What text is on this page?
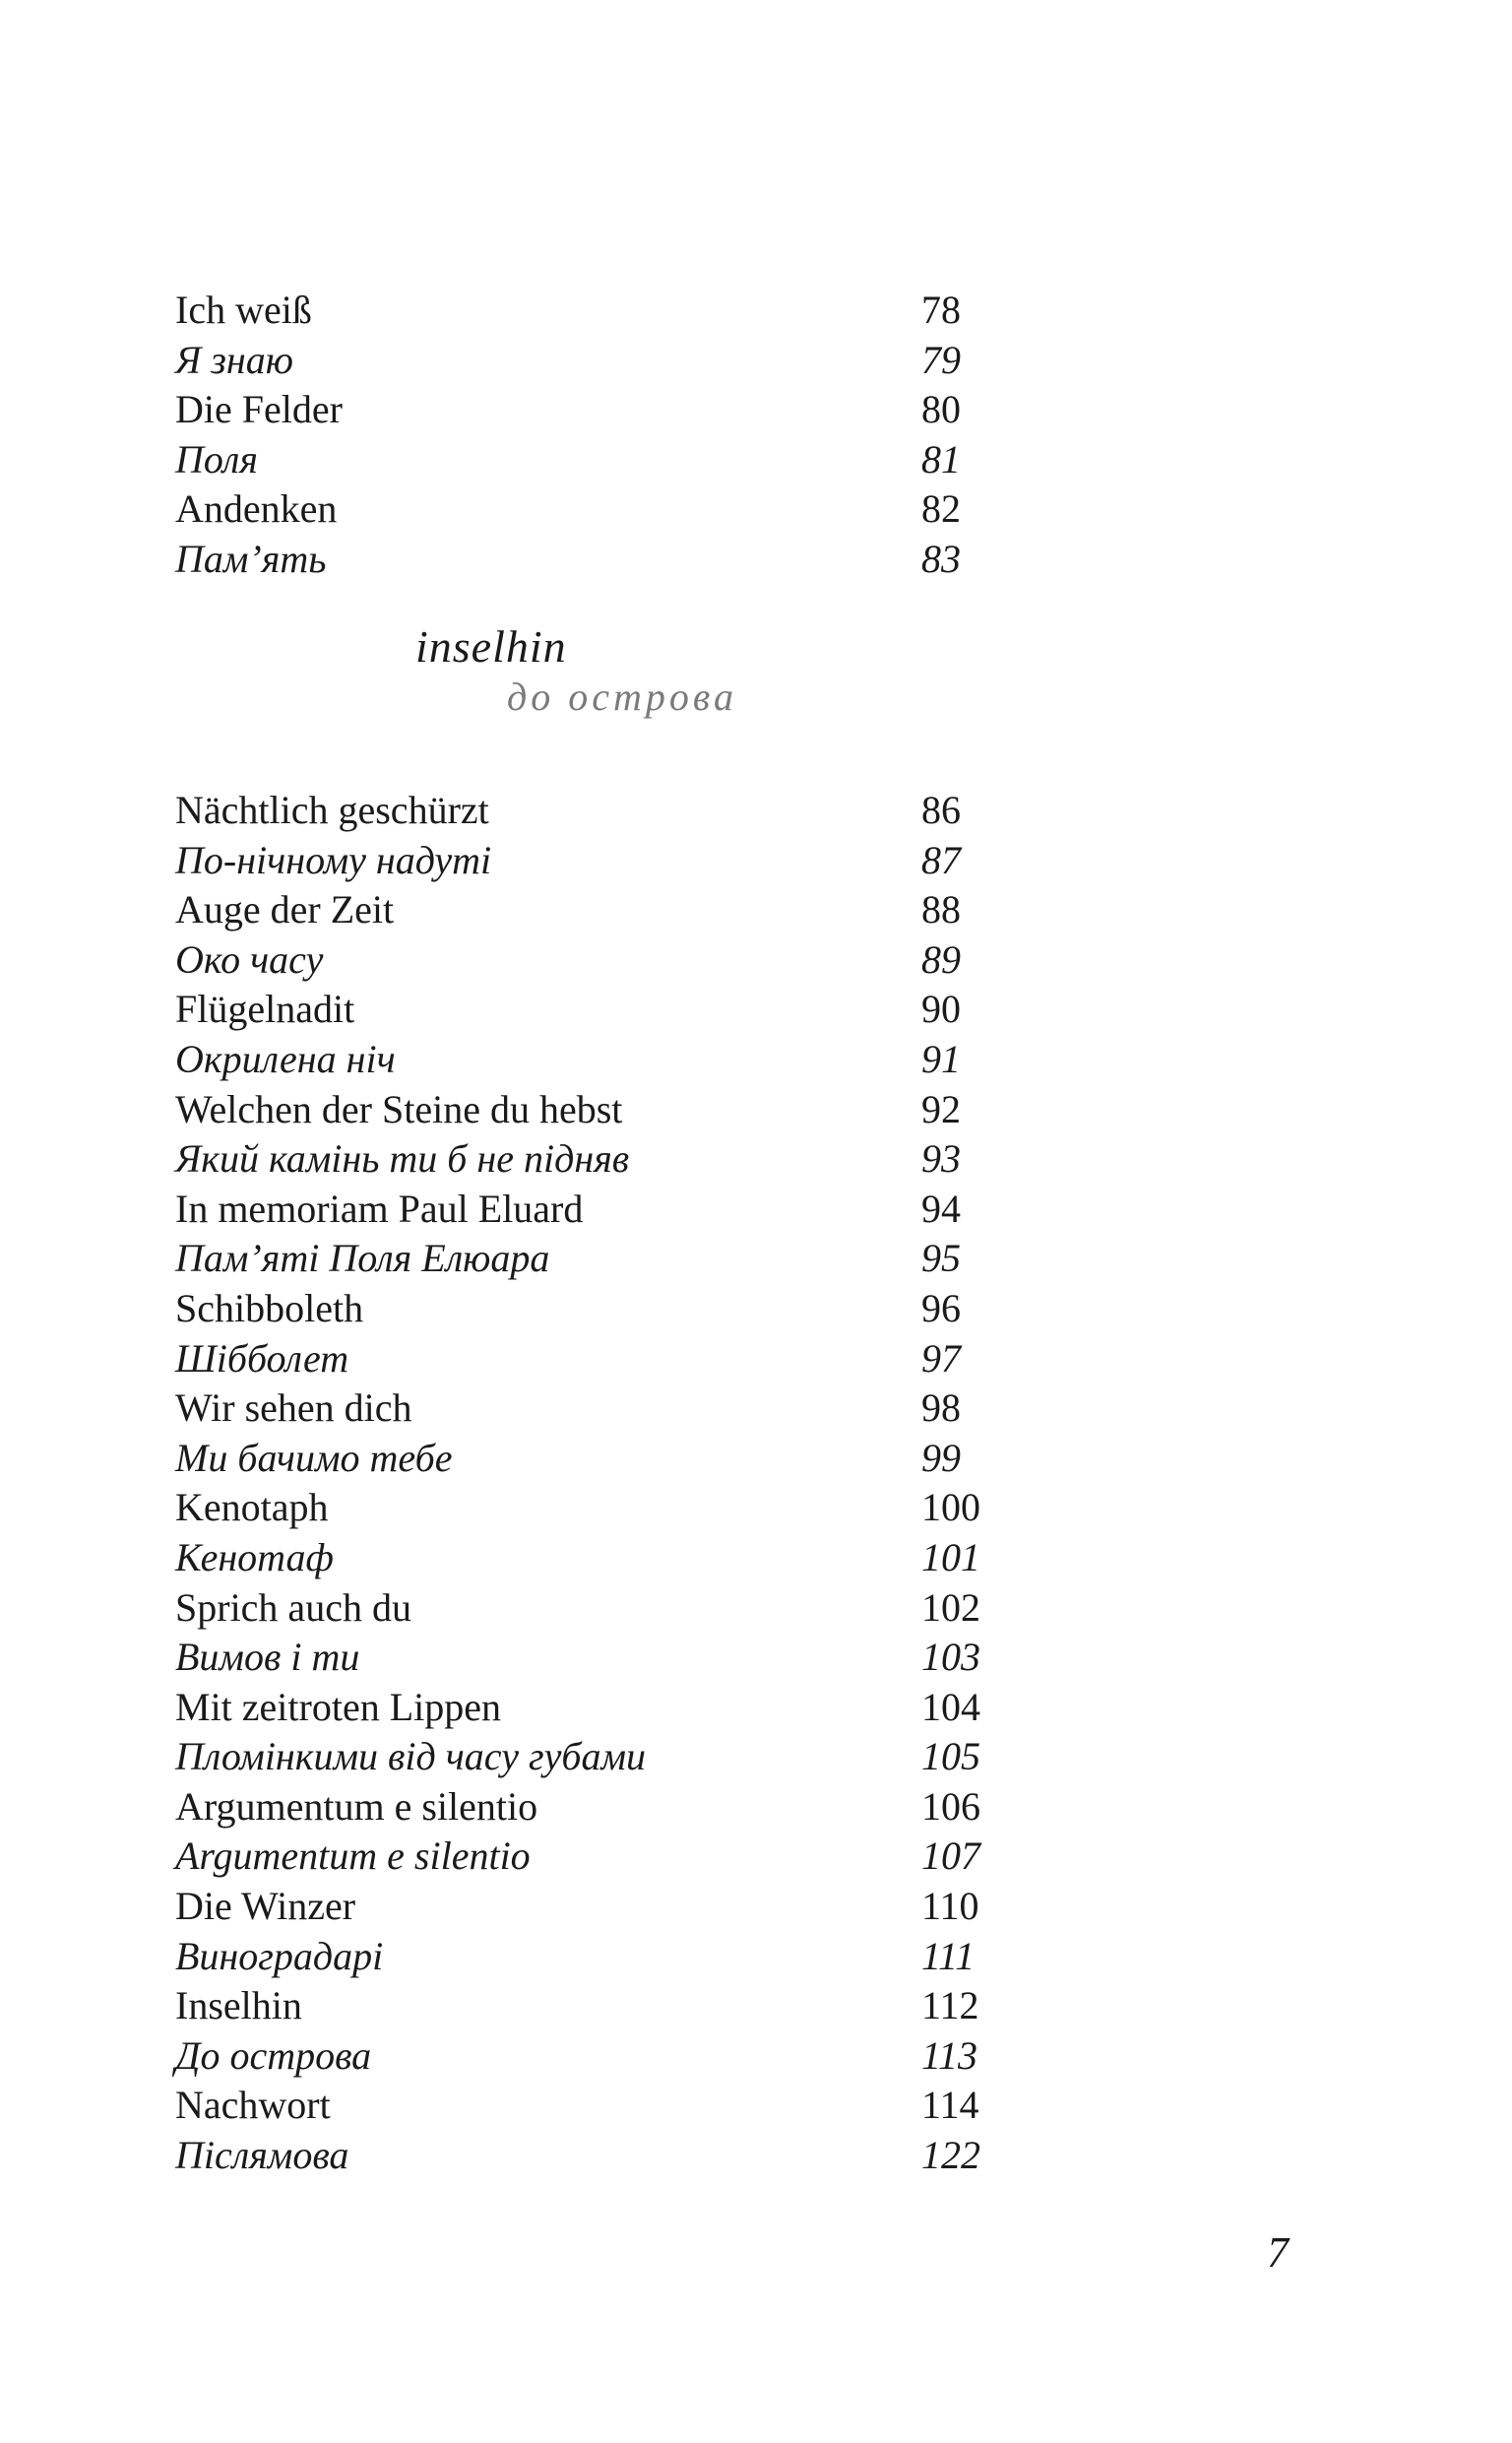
Ich weiß	78
Я знаю	79
Die Felder	80
Поля	81
Andenken	82
Пам’ять	83
inselhin
до острова
Nächtlich geschürzt	86
По-нічному надуті	87
Auge der Zeit	88
Око часу	89
Flügelnadit	90
Окрилена ніч	91
Welchen der Steine du hebst	92
Який камінь ти б не підняв	93
In memoriam Paul Eluard	94
Пам’яті Поля Елюара	95
Schibboleth	96
Шібболет	97
Wir sehen dich	98
Ми бачимо тебе	99
Kenotaph	100
Кенотаф	101
Sprich auch du	102
Вимов і ти	103
Mit zeitroten Lippen	104
Пломінкими від часу губами	105
Argumentum e silentio	106
Argumentum e silentio	107
Die Winzer	110
Виноградарі	111
Inselhin	112
До острова	113
Nachwort	114
Післямова	122
7
